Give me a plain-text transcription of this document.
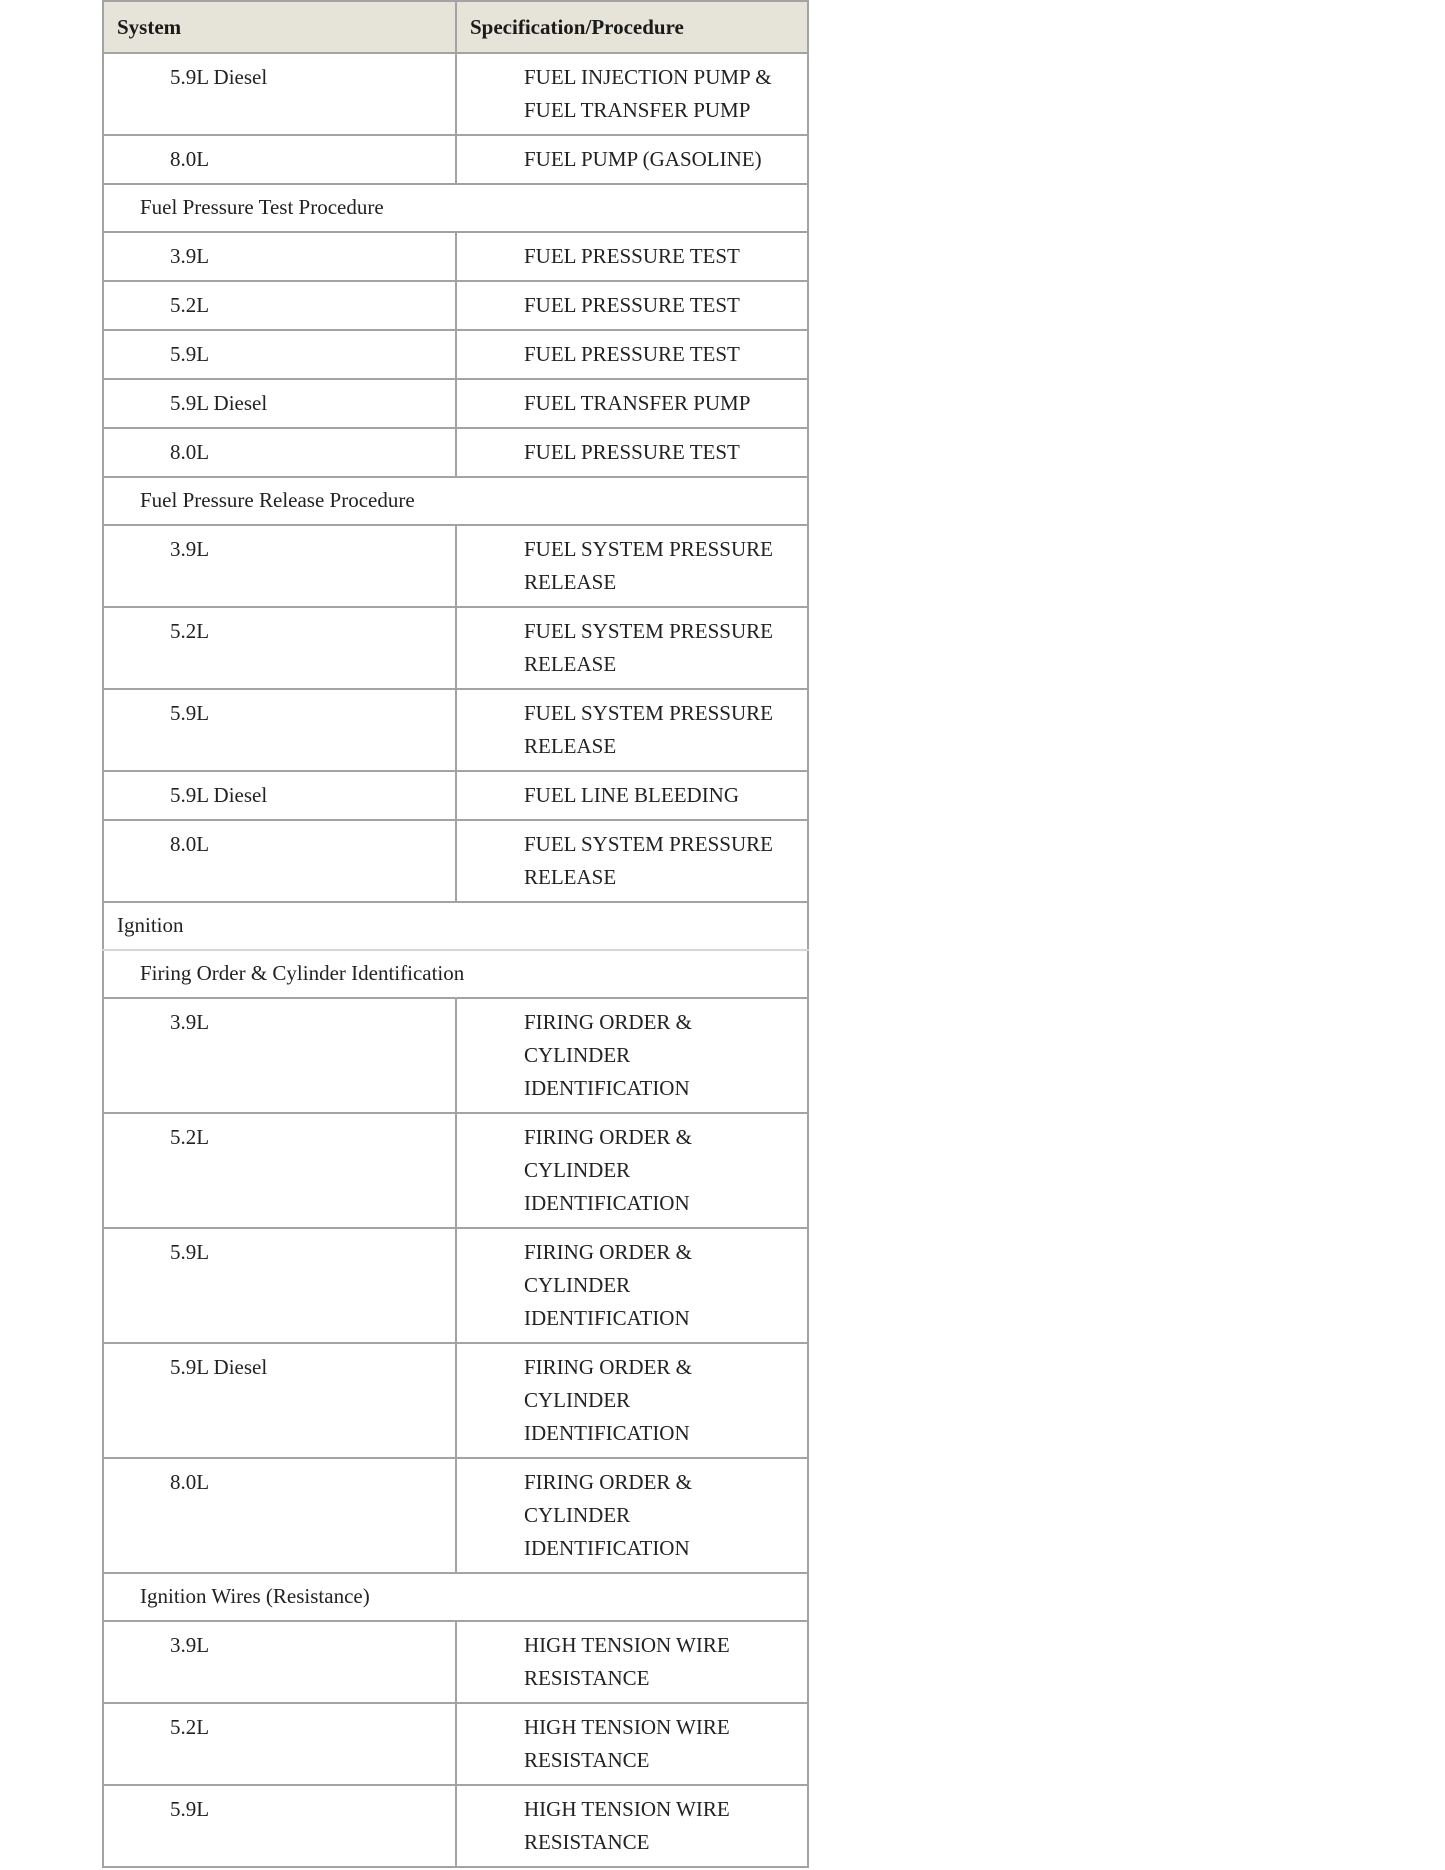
System	Specification/Procedure
5.9L Diesel	FUEL INJECTION PUMP & FUEL TRANSFER PUMP
8.0L	FUEL PUMP (GASOLINE)
Fuel Pressure Test Procedure	
3.9L	FUEL PRESSURE TEST
5.2L	FUEL PRESSURE TEST
5.9L	FUEL PRESSURE TEST
5.9L Diesel	FUEL TRANSFER PUMP
8.0L	FUEL PRESSURE TEST
Fuel Pressure Release Procedure	
3.9L	FUEL SYSTEM PRESSURE RELEASE
5.2L	FUEL SYSTEM PRESSURE RELEASE
5.9L	FUEL SYSTEM PRESSURE RELEASE
5.9L Diesel	FUEL LINE BLEEDING
8.0L	FUEL SYSTEM PRESSURE RELEASE
Ignition	
Firing Order & Cylinder Identification	
3.9L	FIRING ORDER & CYLINDER IDENTIFICATION
5.2L	FIRING ORDER & CYLINDER IDENTIFICATION
5.9L	FIRING ORDER & CYLINDER IDENTIFICATION
5.9L Diesel	FIRING ORDER & CYLINDER IDENTIFICATION
8.0L	FIRING ORDER & CYLINDER IDENTIFICATION
Ignition Wires (Resistance)	
3.9L	HIGH TENSION WIRE RESISTANCE
5.2L	HIGH TENSION WIRE RESISTANCE
5.9L	HIGH TENSION WIRE RESISTANCE
